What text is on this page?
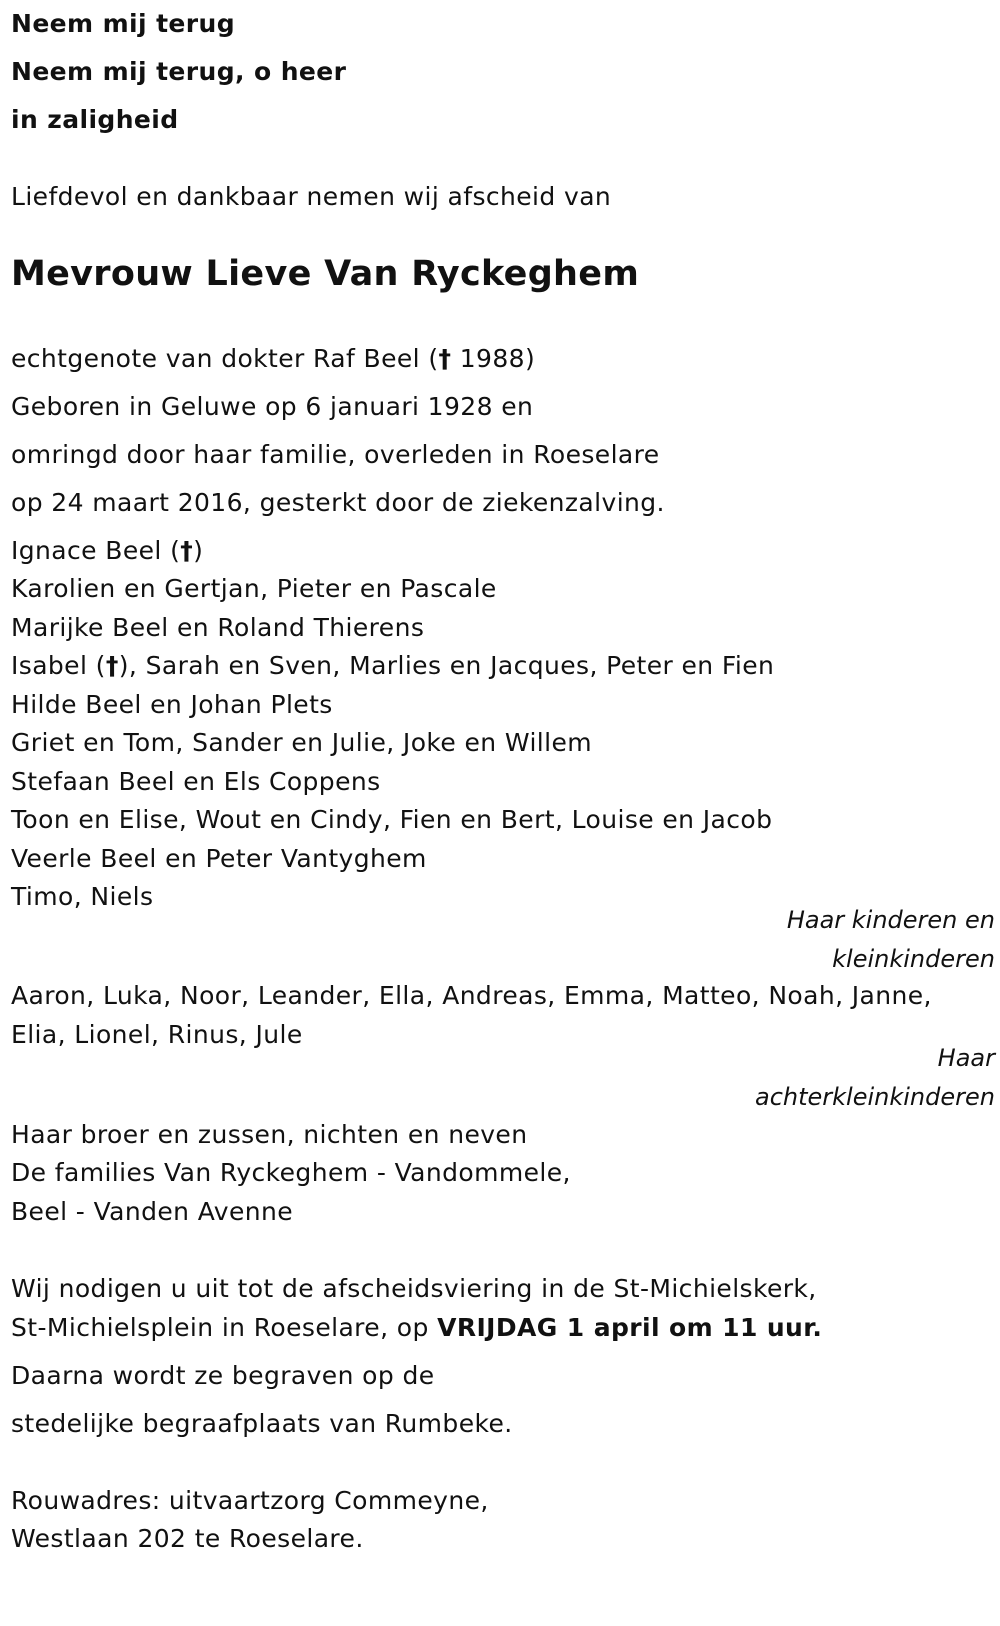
Neem mij terug
Neem mij terug, o heer
in zaligheid
Liefdevol en dankbaar nemen wij afscheid van
Mevrouw Lieve Van Ryckeghem
echtgenote van dokter Raf Beel († 1988)
Geboren in Geluwe op 6 januari 1928 en
omringd door haar familie, overleden in Roeselare
op 24 maart 2016, gesterkt door de ziekenzalving.
Ignace Beel (†)
Karolien en Gertjan, Pieter en Pascale
Marijke Beel en Roland Thierens
Isabel (†), Sarah en Sven, Marlies en Jacques, Peter en Fien
Hilde Beel en Johan Plets
Griet en Tom, Sander en Julie, Joke en Willem
Stefaan Beel en Els Coppens
Toon en Elise, Wout en Cindy, Fien en Bert, Louise en Jacob
Veerle Beel en Peter Vantyghem
Timo, Niels
Haar kinderen en
kleinkinderen
Aaron, Luka, Noor, Leander, Ella, Andreas, Emma, Matteo, Noah, Janne,
Elia, Lionel, Rinus, Jule
Haar
achterkleinkinderen
Haar broer en zussen, nichten en neven
De families Van Ryckeghem - Vandommele,
Beel - Vanden Avenne
Wij nodigen u uit tot de afscheidsviering in de St-Michielskerk,
St-Michielsplein in Roeselare, op VRIJDAG 1 april om 11 uur.
Daarna wordt ze begraven op de
stedelijke begraafplaats van Rumbeke.
Rouwadres: uitvaartzorg Commeyne,
Westlaan 202 te Roeselare.
